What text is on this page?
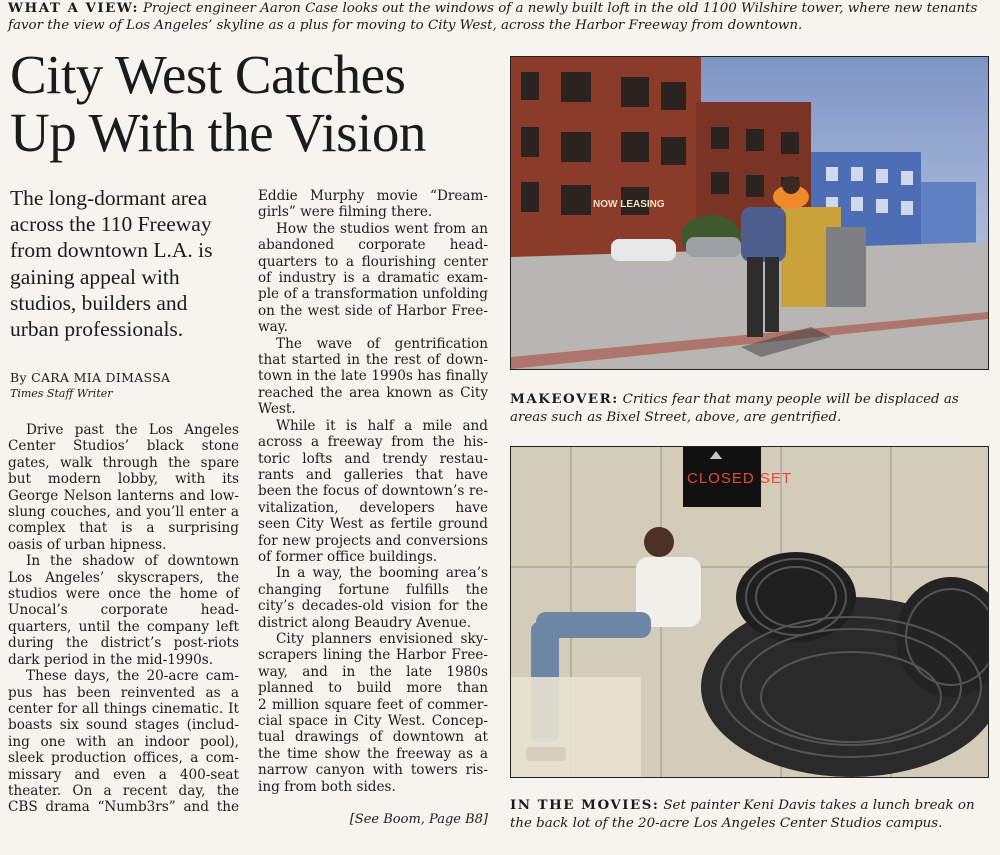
WHAT A VIEW: Project engineer Aaron Case looks out the windows of a newly built loft in the old 1100 Wilshire tower, where new tenants favor the view of Los Angeles’ skyline as a plus for moving to City West, across the Harbor Freeway from downtown.
City West Catches
Up With the Vision
The long-dormant area
across the 110 Freeway
from downtown L.A. is
gaining appeal with
studios, builders and
urban professionals.
By CARA MIA DIMASSA
Times Staff Writer
Drive past the Los Angeles
Center Studios’ black stone
gates, walk through the spare
but modern lobby, with its
George Nelson lanterns and low-
slung couches, and you’ll enter a
complex that is a surprising
oasis of urban hipness.
In the shadow of downtown
Los Angeles’ skyscrapers, the
studios were once the home of
Unocal’s corporate head-
quarters, until the company left
during the district’s post-riots
dark period in the mid-1990s.
These days, the 20-acre cam-
pus has been reinvented as a
center for all things cinematic. It
boasts six sound stages (includ-
ing one with an indoor pool),
sleek production offices, a com-
missary and even a 400-seat
theater. On a recent day, the
CBS drama “Numb3rs” and the
Eddie Murphy movie “Dream-
girls” were filming there.
How the studios went from an
abandoned corporate head-
quarters to a flourishing center
of industry is a dramatic exam-
ple of a transformation unfolding
on the west side of Harbor Free-
way.
The wave of gentrification
that started in the rest of down-
town in the late 1990s has finally
reached the area known as City
West.
While it is half a mile and
across a freeway from the his-
toric lofts and trendy restau-
rants and galleries that have
been the focus of downtown’s re-
vitalization, developers have
seen City West as fertile ground
for new projects and conversions
of former office buildings.
In a way, the booming area’s
changing fortune fulfills the
city’s decades-old vision for the
district along Beaudry Avenue.
City planners envisioned sky-
scrapers lining the Harbor Free-
way, and in the late 1980s
planned to build more than
2 million square feet of commer-
cial space in City West. Concep-
tual drawings of downtown at
the time show the freeway as a
narrow canyon with towers ris-
ing from both sides.
[See Boom, Page B8]
NOW LEASING
MAKEOVER: Critics fear that many people will be displaced as areas such as Bixel Street, above, are gentrified.
CLOSED SET
IN THE MOVIES: Set painter Keni Davis takes a lunch break on the back lot of the 20-acre Los Angeles Center Studios campus.
